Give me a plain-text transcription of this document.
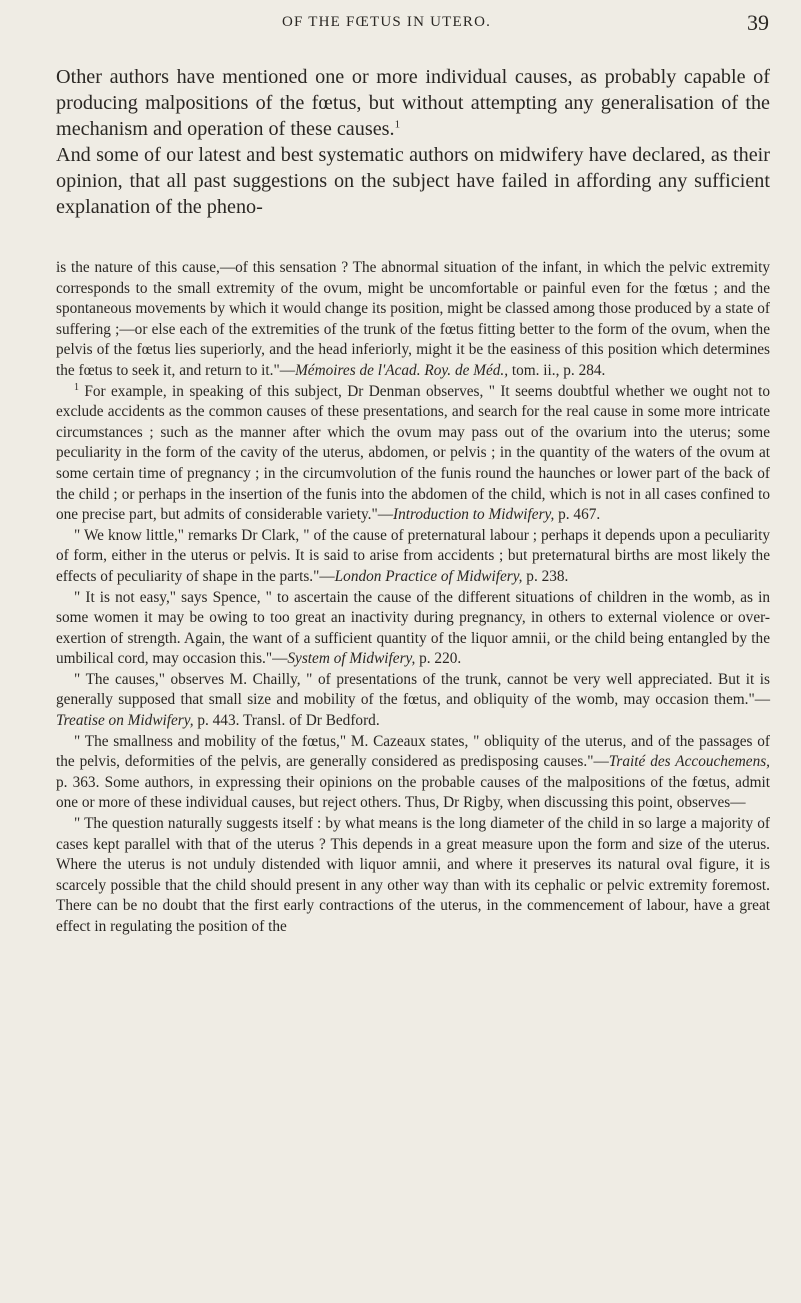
OF THE FŒTUS IN UTERO.	39

Other authors have mentioned one or more individual causes, as probably capable of producing malpositions of the fœtus, but without attempting any generalisation of the mechanism and operation of these causes.$^1$

And some of our latest and best systematic authors on midwifery have declared, as their opinion, that all past suggestions on the subject have failed in affording any sufficient explanation of the pheno-

is the nature of this cause,—of this sensation ? The abnormal situation of the infant, in which the pelvic extremity corresponds to the small extremity of the ovum, might be uncomfortable or painful even for the fœtus ; and the spontaneous movements by which it would change its position, might be classed among those produced by a state of suffering ;—or else each of the extremities of the trunk of the fœtus fitting better to the form of the ovum, when the pelvis of the fœtus lies superiorly, and the head inferiorly, might it be the easiness of this position which determines the fœtus to seek it, and return to it."—Mémoires de l'Acad. Roy. de Méd., tom. ii., p. 284.

$^1$ For example, in speaking of this subject, Dr Denman observes, " It seems doubtful whether we ought not to exclude accidents as the common causes of these presentations, and search for the real cause in some more intricate circumstances ; such as the manner after which the ovum may pass out of the ovarium into the uterus; some peculiarity in the form of the cavity of the uterus, abdomen, or pelvis ; in the quantity of the waters of the ovum at some certain time of pregnancy ; in the circumvolution of the funis round the haunches or lower part of the back of the child ; or perhaps in the insertion of the funis into the abdomen of the child, which is not in all cases confined to one precise part, but admits of considerable variety."—Introduction to Midwifery, p. 467.

" We know little," remarks Dr Clark, " of the cause of preternatural labour ; perhaps it depends upon a peculiarity of form, either in the uterus or pelvis. It is said to arise from accidents ; but preternatural births are most likely the effects of peculiarity of shape in the parts."—London Practice of Midwifery, p. 238.

" It is not easy," says Spence, " to ascertain the cause of the different situations of children in the womb, as in some women it may be owing to too great an inactivity during pregnancy, in others to external violence or over-exertion of strength. Again, the want of a sufficient quantity of the liquor amnii, or the child being entangled by the umbilical cord, may occasion this."—System of Midwifery, p. 220.

" The causes," observes M. Chailly, " of presentations of the trunk, cannot be very well appreciated. But it is generally supposed that small size and mobility of the fœtus, and obliquity of the womb, may occasion them."—Treatise on Midwifery, p. 443. Transl. of Dr Bedford.

" The smallness and mobility of the fœtus," M. Cazeaux states, " obliquity of the uterus, and of the passages of the pelvis, deformities of the pelvis, are generally considered as predisposing causes."—Traité des Accouchemens, p. 363. Some authors, in expressing their opinions on the probable causes of the malpositions of the fœtus, admit one or more of these individual causes, but reject others. Thus, Dr Rigby, when discussing this point, observes—

" The question naturally suggests itself : by what means is the long diameter of the child in so large a majority of cases kept parallel with that of the uterus ? This depends in a great measure upon the form and size of the uterus. Where the uterus is not unduly distended with liquor amnii, and where it preserves its natural oval figure, it is scarcely possible that the child should present in any other way than with its cephalic or pelvic extremity foremost. There can be no doubt that the first early contractions of the uterus, in the commencement of labour, have a great effect in regulating the position of the
